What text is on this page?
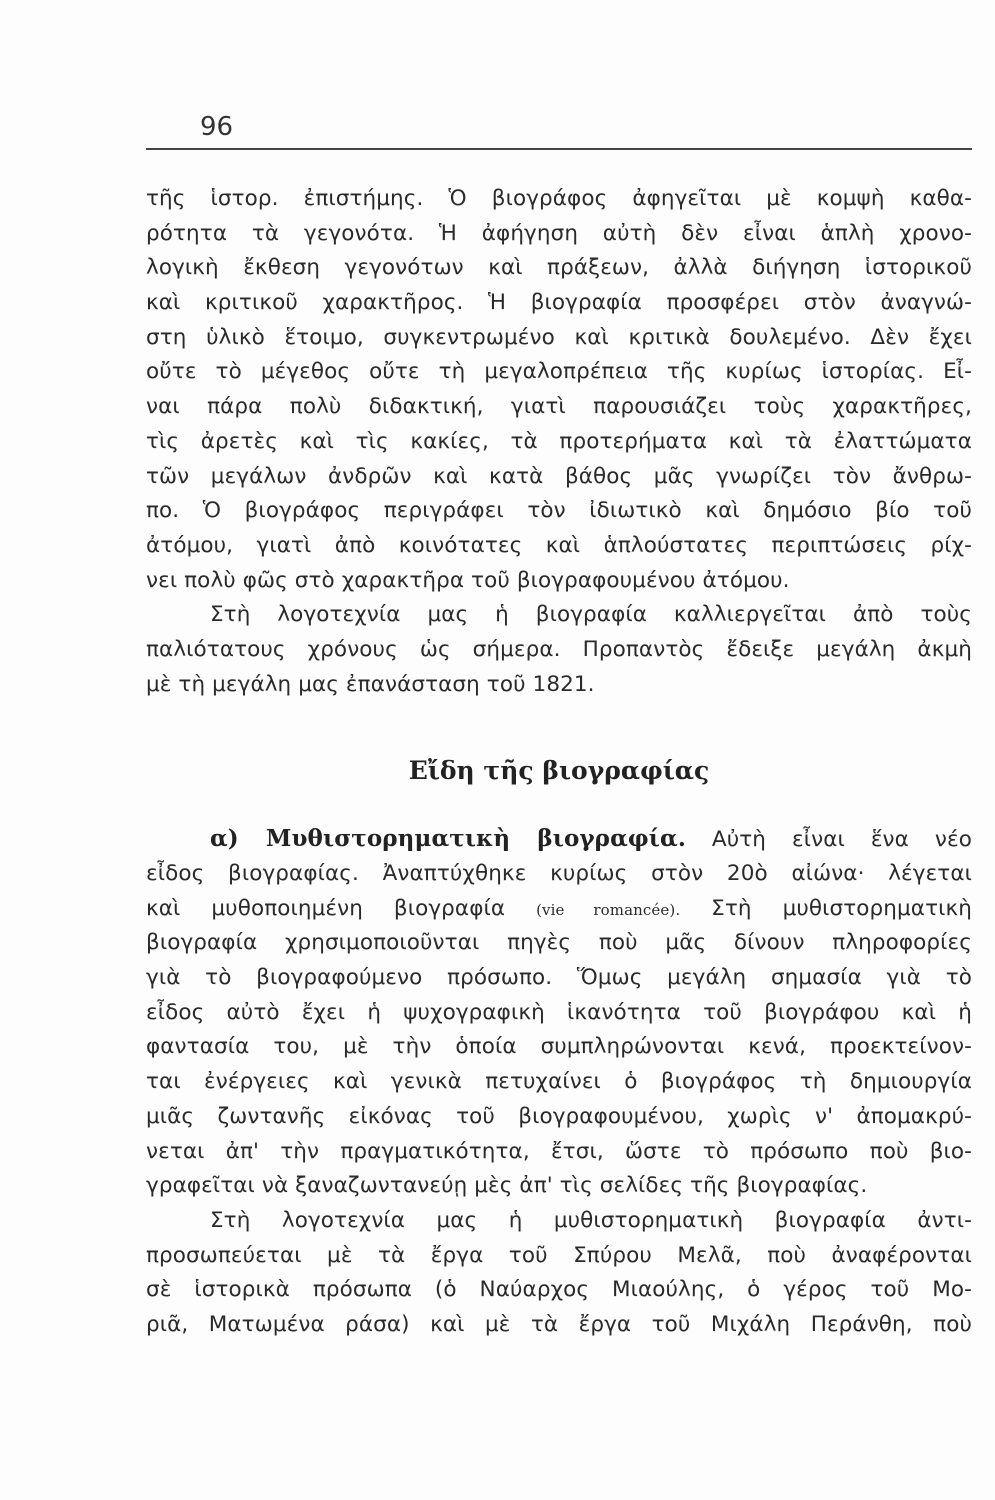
96
τῆς ἱστορ. ἐπιστήμης. Ὁ βιογράφος ἀφηγεῖται μὲ κομψὴ καθα-
ρότητα τὰ γεγονότα. Ἡ ἀφήγηση αὐτὴ δὲν εἶναι ἁπλὴ χρονο-
λογικὴ ἔκθεση γεγονότων καὶ πράξεων, ἀλλὰ διήγηση ἱστορικοῦ
καὶ κριτικοῦ χαρακτῆρος. Ἡ βιογραφία προσφέρει στὸν ἀναγνώ-
στη ὑλικὸ ἕτοιμο, συγκεντρωμένο καὶ κριτικὰ δουλεμένο. Δὲν ἔχει
οὔτε τὸ μέγεθος οὔτε τὴ μεγαλοπρέπεια τῆς κυρίως ἱστορίας. Εἶ-
ναι πάρα πολὺ διδακτική, γιατὶ παρουσιάζει τοὺς χαρακτῆρες,
τὶς ἀρετὲς καὶ τὶς κακίες, τὰ προτερήματα καὶ τὰ ἐλαττώματα
τῶν μεγάλων ἀνδρῶν καὶ κατὰ βάθος μᾶς γνωρίζει τὸν ἄνθρω-
πο. Ὁ βιογράφος περιγράφει τὸν ἰδιωτικὸ καὶ δημόσιο βίο τοῦ
ἀτόμου, γιατὶ ἀπὸ κοινότατες καὶ ἁπλούστατες περιπτώσεις ρίχ-
νει πολὺ φῶς στὸ χαρακτῆρα τοῦ βιογραφουμένου ἀτόμου.
Στὴ λογοτεχνία μας ἡ βιογραφία καλλιεργεῖται ἀπὸ τοὺς
παλιότατους χρόνους ὡς σήμερα. Προπαντὸς ἔδειξε μεγάλη ἀκμὴ
μὲ τὴ μεγάλη μας ἐπανάσταση τοῦ 1821.
Εἴδη τῆς βιογραφίας
α) Μυθιστορηματικὴ βιογραφία. Αὐτὴ εἶναι ἕνα νέο
εἶδος βιογραφίας. Ἀναπτύχθηκε κυρίως στὸν 20ὸ αἰώνα· λέγεται
καὶ μυθοποιημένη βιογραφία (vie romancée). Στὴ μυθιστορηματικὴ
βιογραφία χρησιμοποιοῦνται πηγὲς ποὺ μᾶς δίνουν πληροφορίες
γιὰ τὸ βιογραφούμενο πρόσωπο. Ὅμως μεγάλη σημασία γιὰ τὸ
εἶδος αὐτὸ ἔχει ἡ ψυχογραφικὴ ἱκανότητα τοῦ βιογράφου καὶ ἡ
φαντασία του, μὲ τὴν ὁποία συμπληρώνονται κενά, προεκτείνον-
ται ἐνέργειες καὶ γενικὰ πετυχαίνει ὁ βιογράφος τὴ δημιουργία
μιᾶς ζωντανῆς εἰκόνας τοῦ βιογραφουμένου, χωρὶς ν' ἀπομακρύ-
νεται ἀπ' τὴν πραγματικότητα, ἔτσι, ὥστε τὸ πρόσωπο ποὺ βιο-
γραφεῖται νὰ ξαναζωντανεύῃ μὲς ἀπ' τὶς σελίδες τῆς βιογραφίας.
Στὴ λογοτεχνία μας ἡ μυθιστορηματικὴ βιογραφία ἀντι-
προσωπεύεται μὲ τὰ ἔργα τοῦ Σπύρου Μελᾶ, ποὺ ἀναφέρονται
σὲ ἱστορικὰ πρόσωπα (ὁ Ναύαρχος Μιαούλης, ὁ γέρος τοῦ Μο-
ριᾶ, Ματωμένα ράσα) καὶ μὲ τὰ ἔργα τοῦ Μιχάλη Περάνθη, ποὺ
